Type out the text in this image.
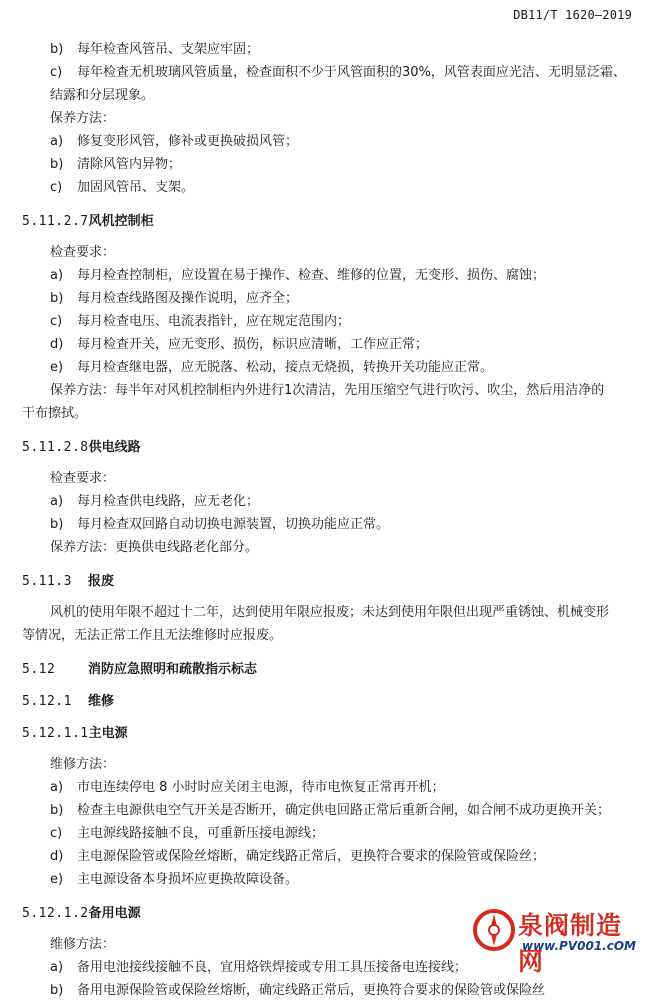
DB11/T 1620—2019
b)	每年检查风管吊、支架应牢固；
c)	每年检查无机玻璃风管质量，检查面积不少于风管面积的30%，风管表面应光洁、无明显泛霜、
结露和分层现象。
保养方法：
a)	修复变形风管，修补或更换破损风管；
b)	清除风管内异物；
c)	加固风管吊、支架。
5.11.2.7风机控制柜
检查要求：
a)	每月检查控制柜，应设置在易于操作、检查、维修的位置，无变形、损伤、腐蚀；
b)	每月检查线路图及操作说明，应齐全；
c)	每月检查电压、电流表指针，应在规定范围内；
d)	每月检查开关，应无变形、损伤，标识应清晰，工作应正常；
e)	每月检查继电器，应无脱落、松动，接点无烧损，转换开关功能应正常。
保养方法：每半年对风机控制柜内外进行1次清洁，先用压缩空气进行吹污、吹尘，然后用洁净的
干布擦拭。
5.11.2.8供电线路
检查要求：
a)	每月检查供电线路，应无老化；
b)	每月检查双回路自动切换电源装置，切换功能应正常。
保养方法：更换供电线路老化部分。
5.11.3 报废
风机的使用年限不超过十二年，达到使用年限应报废；未达到使用年限但出现严重锈蚀、机械变形
等情况，无法正常工作且无法维修时应报废。
5.12	消防应急照明和疏散指示标志
5.12.1 维修
5.12.1.1主电源
维修方法：
a)	市电连续停电 8 小时时应关闭主电源，待市电恢复正常再开机；
b)	检查主电源供电空气开关是否断开，确定供电回路正常后重新合闸，如合闸不成功更换开关；
c)	主电源线路接触不良，可重新压接电源线；
d)	主电源保险管或保险丝熔断，确定线路正常后，更换符合要求的保险管或保险丝；
e)	主电源设备本身损坏应更换故障设备。
5.12.1.2备用电源
维修方法：
a)	备用电池接线接触不良，宜用烙铁焊接或专用工具压接备电连接线；
b)	备用电源保险管或保险丝熔断，确定线路正常后，更换符合要求的保险管或保险丝
泉阀制造网
www.PV001.cOM
